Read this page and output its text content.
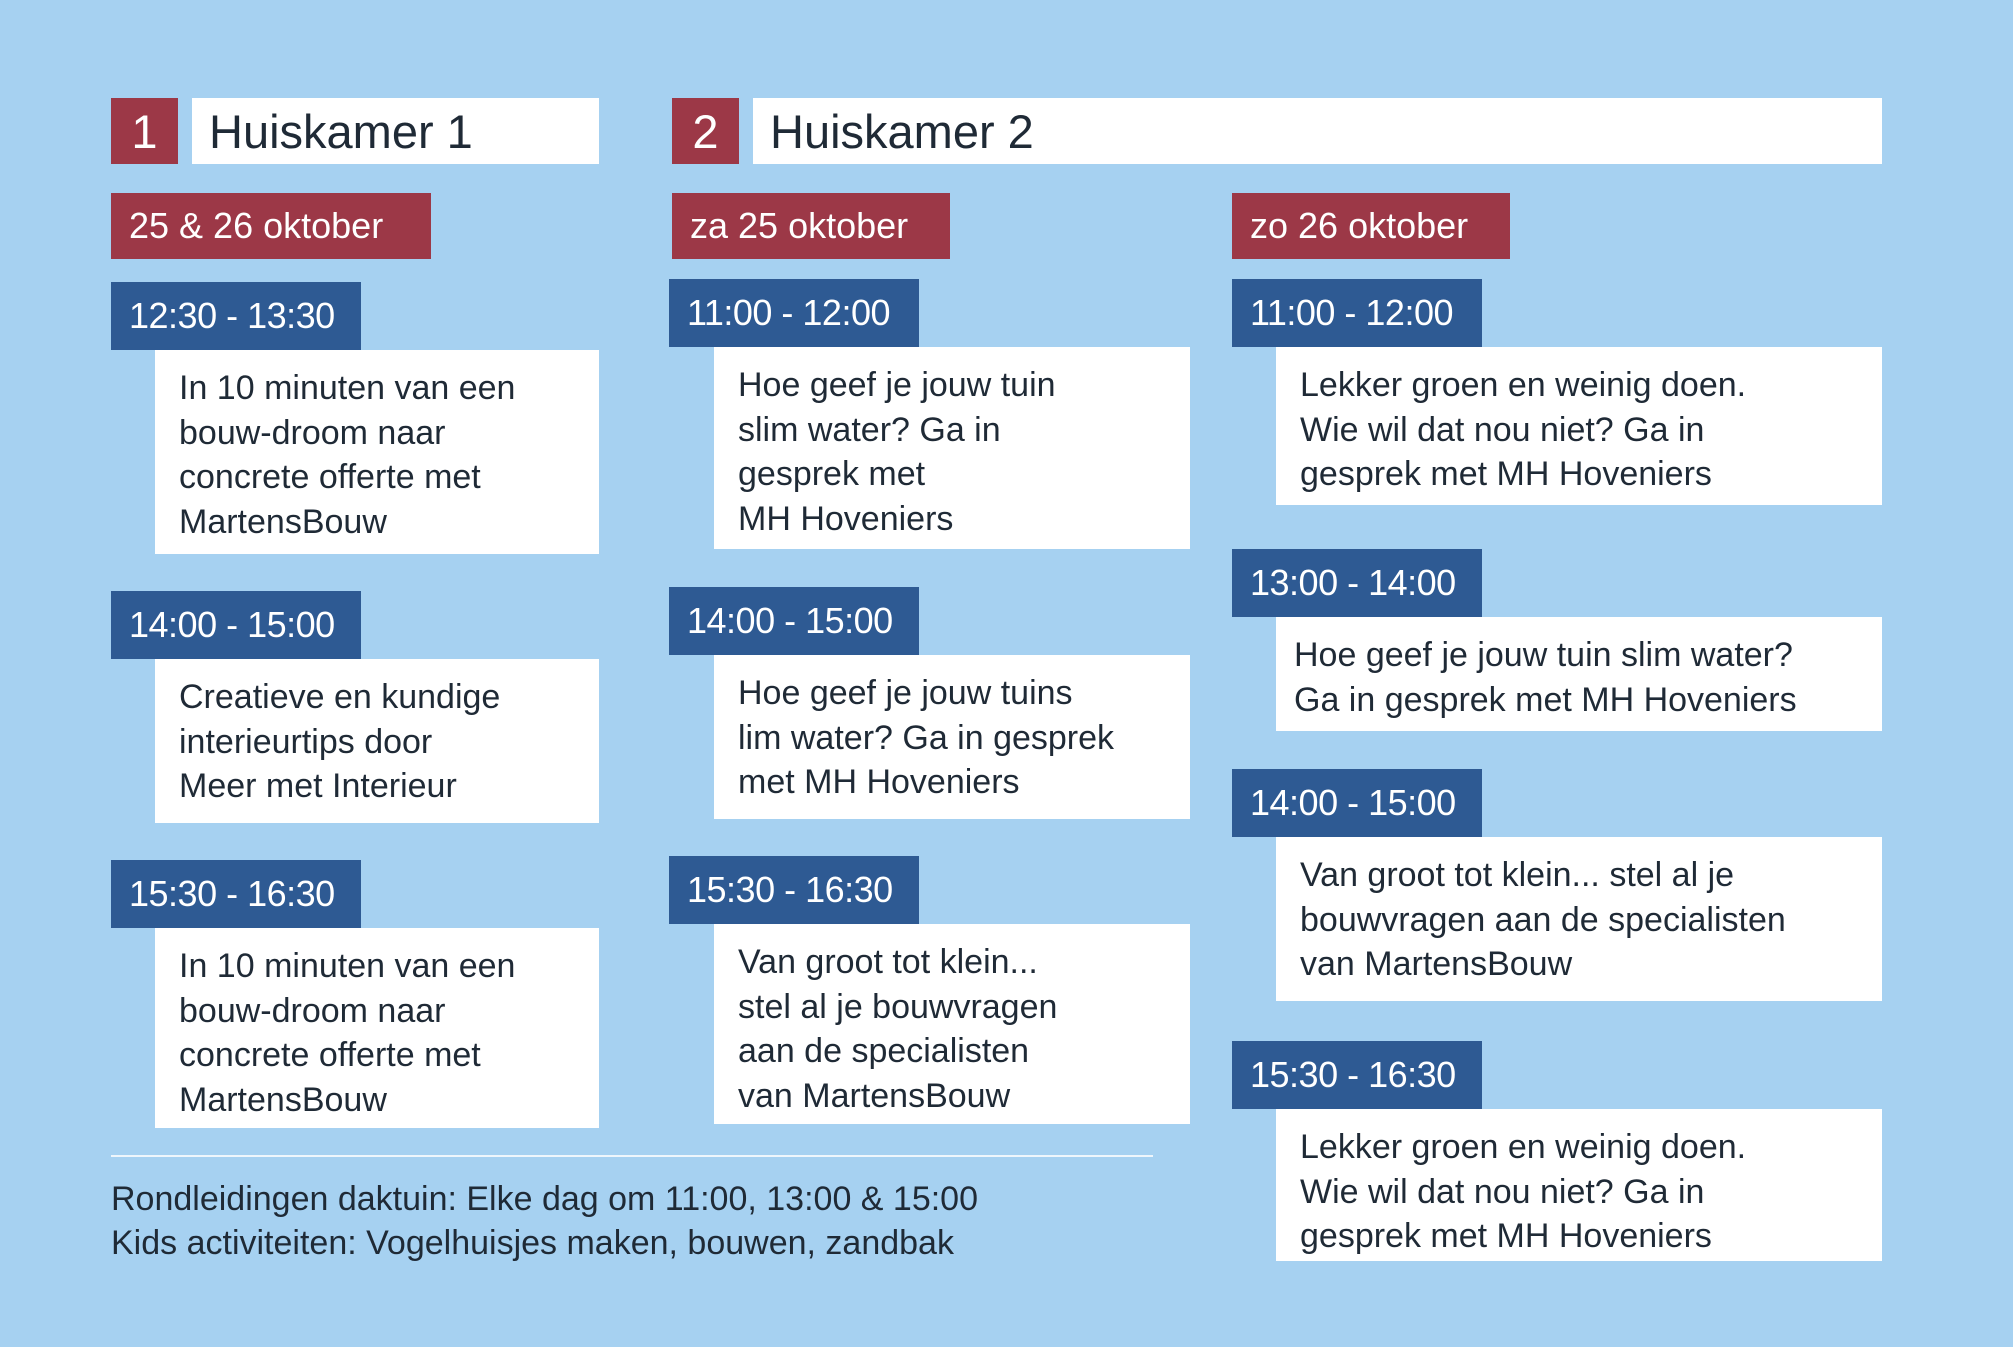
1	Huiskamer 1	2	Huiskamer 2
25 & 26 oktober
12:30 - 13:30
In 10 minuten van een
bouw-droom naar
concrete offerte met
MartensBouw
14:00 - 15:00
Creatieve en kundige
interieurtips door
Meer met Interieur
15:30 - 16:30
In 10 minuten van een
bouw-droom naar
concrete offerte met
MartensBouw
za 25 oktober
11:00 - 12:00
Hoe geef je jouw tuin
slim water? Ga in
gesprek met
MH Hoveniers
14:00 - 15:00
Hoe geef je jouw tuins
lim water? Ga in gesprek
met MH Hoveniers
15:30 - 16:30
Van groot tot klein...
stel al je bouwvragen
aan de specialisten
van MartensBouw
zo 26 oktober
11:00 - 12:00
Lekker groen en weinig doen.
Wie wil dat nou niet? Ga in
gesprek met MH Hoveniers
13:00 - 14:00
Hoe geef je jouw tuin slim water?
Ga in gesprek met MH Hoveniers
14:00 - 15:00
Van groot tot klein... stel al je
bouwvragen aan de specialisten
van MartensBouw
15:30 - 16:30
Lekker groen en weinig doen.
Wie wil dat nou niet? Ga in
gesprek met MH Hoveniers
Rondleidingen daktuin: Elke dag om 11:00, 13:00 & 15:00
Kids activiteiten: Vogelhuisjes maken, bouwen, zandbak
